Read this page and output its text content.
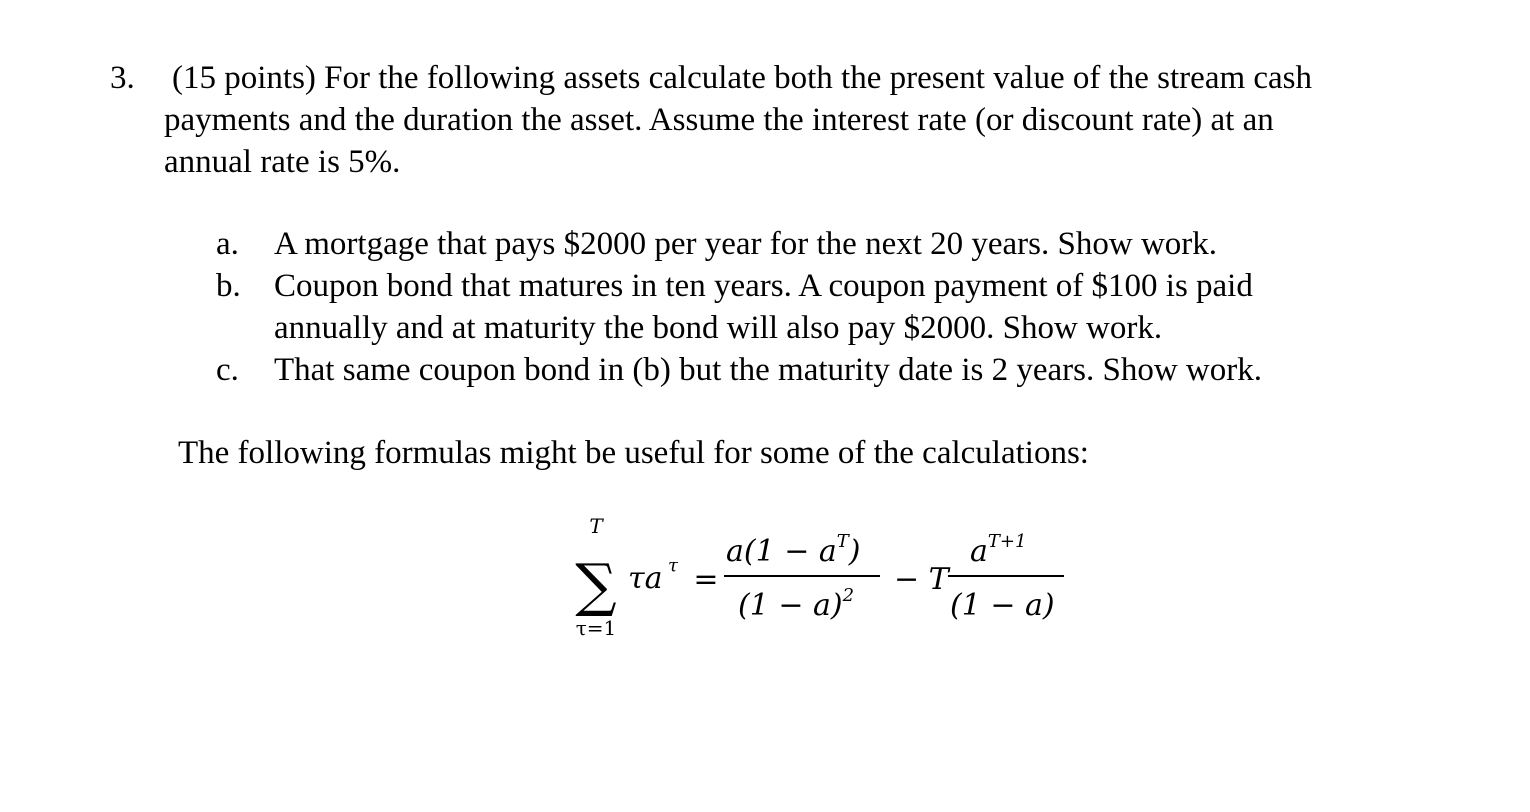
3. (15 points) For the following assets calculate both the present value of the stream cash
payments and the duration the asset. Assume the interest rate (or discount rate) at an
annual rate is 5%.
a. A mortgage that pays $2000 per year for the next 20 years. Show work.
b. Coupon bond that matures in ten years. A coupon payment of $100 is paid
annually and at maturity the bond will also pay $2000. Show work.
c. That same coupon bond in (b) but the maturity date is 2 years. Show work.
The following formulas might be useful for some of the calculations:
T
∑
τ=1
τa τ =
$a(1 - a^T)$
$(1 - a)^2 - T$
$a^{T+1}$
(1 − a)
